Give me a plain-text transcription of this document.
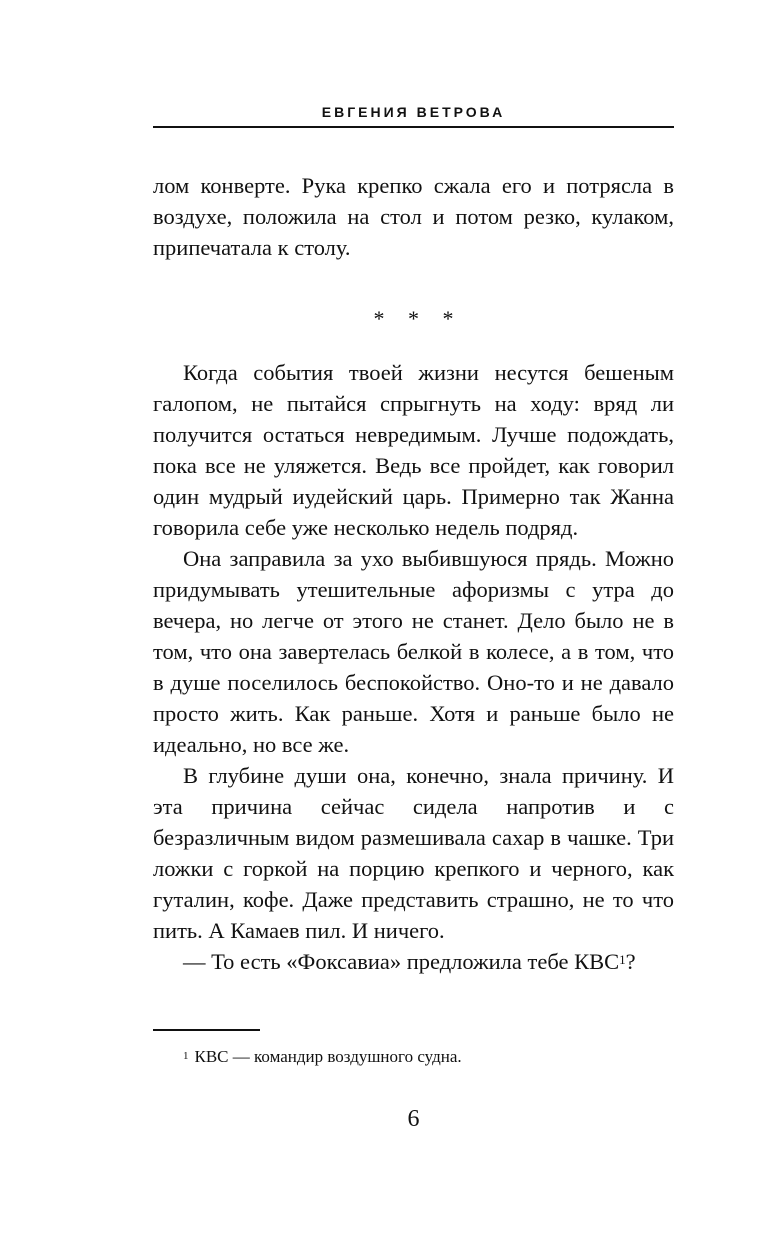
ЕВГЕНИЯ ВЕТРОВА

лом конверте. Рука крепко сжала его и потрясла в воздухе, положила на стол и потом резко, кулаком, припечатала к столу.

* * *

Когда события твоей жизни несутся бешеным галопом, не пытайся спрыгнуть на ходу: вряд ли получится остаться невредимым. Лучше подождать, пока все не уляжется. Ведь все пройдет, как говорил один мудрый иудейский царь. Примерно так Жанна говорила себе уже несколько недель подряд.

Она заправила за ухо выбившуюся прядь. Можно придумывать утешительные афоризмы с утра до вечера, но легче от этого не станет. Дело было не в том, что она завертелась белкой в колесе, а в том, что в душе поселилось беспокойство. Оно-то и не давало просто жить. Как раньше. Хотя и раньше было не идеально, но все же.

В глубине души она, конечно, знала причину. И эта причина сейчас сидела напротив и с безразличным видом размешивала сахар в чашке. Три ложки с горкой на порцию крепкого и черного, как гуталин, кофе. Даже представить страшно, не то что пить. А Камаев пил. И ничего.

— То есть «Фоксавиа» предложила тебе КВС$^1$?

$^1$ КВС — командир воздушного судна.
6
